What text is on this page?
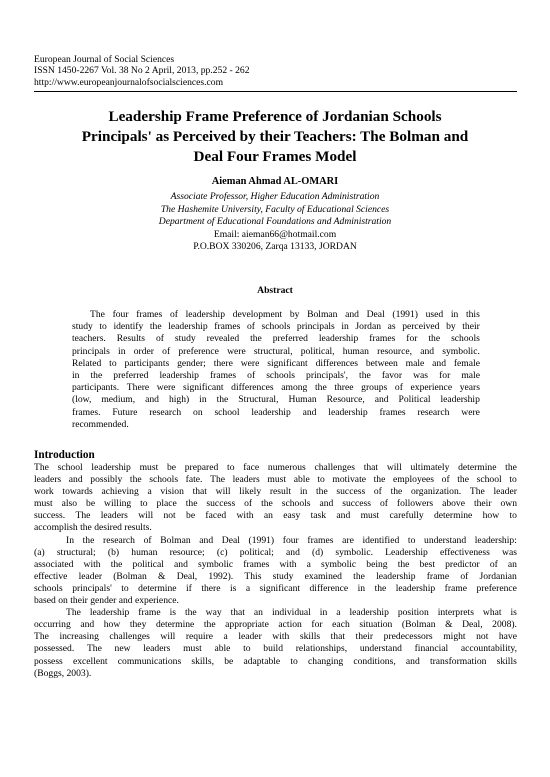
European Journal of Social Sciences
ISSN 1450-2267 Vol. 38 No 2 April, 2013, pp.252 - 262
http://www.europeanjournalofsocialsciences.com
Leadership Frame Preference of Jordanian Schools
Principals' as Perceived by their Teachers: The Bolman and
Deal Four Frames Model
Aieman Ahmad AL-OMARI
Associate Professor, Higher Education Administration
The Hashemite University, Faculty of Educational Sciences
Department of Educational Foundations and Administration
Email: aieman66@hotmail.com
P.O.BOX 330206, Zarqa 13133, JORDAN
Abstract
The four frames of leadership development by Bolman and Deal (1991) used in this
study to identify the leadership frames of schools principals in Jordan as perceived by their
teachers. Results of study revealed the preferred leadership frames for the schools
principals in order of preference were structural, political, human resource, and symbolic.
Related to participants gender; there were significant differences between male and female
in the preferred leadership frames of schools principals', the favor was for male
participants. There were significant differences among the three groups of experience years
(low, medium, and high) in the Structural, Human Resource, and Political leadership
frames. Future research on school leadership and leadership frames research were
recommended.
Introduction
The school leadership must be prepared to face numerous challenges that will ultimately determine the
leaders and possibly the schools fate. The leaders must able to motivate the employees of the school to
work towards achieving a vision that will likely result in the success of the organization. The leader
must also be willing to place the success of the schools and success of followers above their own
success. The leaders will not be faced with an easy task and must carefully determine how to
accomplish the desired results.
In the research of Bolman and Deal (1991) four frames are identified to understand leadership:
(a) structural; (b) human resource; (c) political; and (d) symbolic. Leadership effectiveness was
associated with the political and symbolic frames with a symbolic being the best predictor of an
effective leader (Bolman & Deal, 1992). This study examined the leadership frame of Jordanian
schools principals' to determine if there is a significant difference in the leadership frame preference
based on their gender and experience.
The leadership frame is the way that an individual in a leadership position interprets what is
occurring and how they determine the appropriate action for each situation (Bolman & Deal, 2008).
The increasing challenges will require a leader with skills that their predecessors might not have
possessed. The new leaders must able to build relationships, understand financial accountability,
possess excellent communications skills, be adaptable to changing conditions, and transformation skills
(Boggs, 2003).
